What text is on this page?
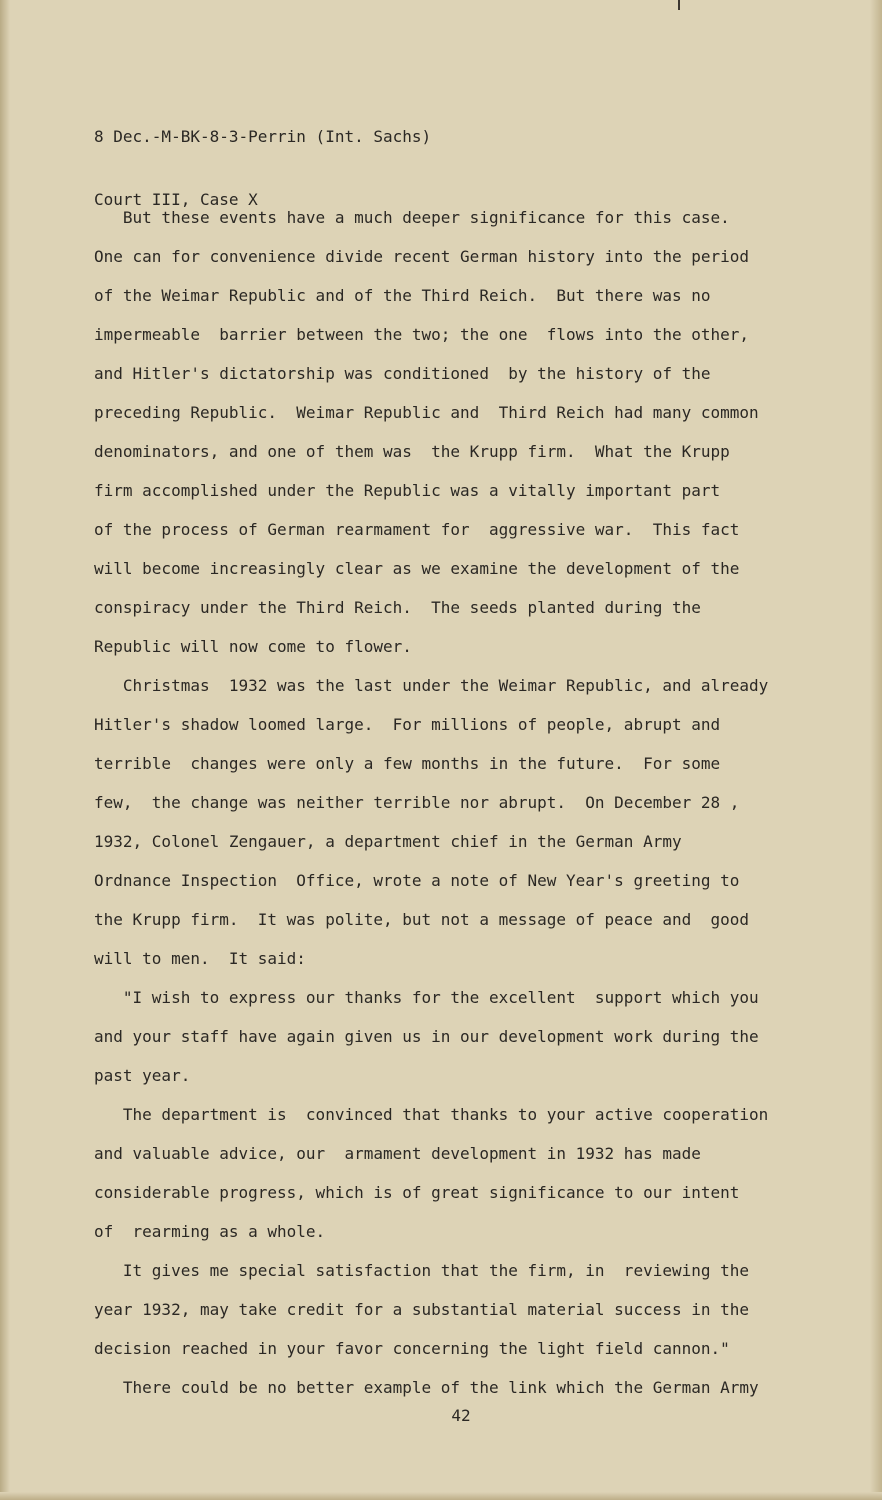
8 Dec.-M-BK-8-3-Perrin (Int. Sachs)

Court III, Case X

But these events have a much deeper significance for this case.
One can for convenience divide recent German history into the period
of the Weimar Republic and of the Third Reich.  But there was no
impermeable  barrier between the two; the one  flows into the other,
and Hitler's dictatorship was conditioned  by the history of the
preceding Republic.  Weimar Republic and  Third Reich had many common
denominators, and one of them was  the Krupp firm.  What the Krupp
firm accomplished under the Republic was a vitally important part
of the process of German rearmament for  aggressive war.  This fact
will become increasingly clear as we examine the development of the
conspiracy under the Third Reich.  The seeds planted during the
Republic will now come to flower.
Christmas  1932 was the last under the Weimar Republic, and already
Hitler's shadow loomed large.  For millions of people, abrupt and
terrible  changes were only a few months in the future.  For some
few,  the change was neither terrible nor abrupt.  On December 28 ,
1932, Colonel Zengauer, a department chief in the German Army
Ordnance Inspection  Office, wrote a note of New Year's greeting to
the Krupp firm.  It was polite, but not a message of peace and  good
will to men.  It said:
"I wish to express our thanks for the excellent  support which you
and your staff have again given us in our development work during the
past year.
The department is  convinced that thanks to your active cooperation
and valuable advice, our  armament development in 1932 has made
considerable progress, which is of great significance to our intent
of  rearming as a whole.
It gives me special satisfaction that the firm, in  reviewing the
year 1932, may take credit for a substantial material success in the
decision reached in your favor concerning the light field cannon."
There could be no better example of the link which the German Army
42
